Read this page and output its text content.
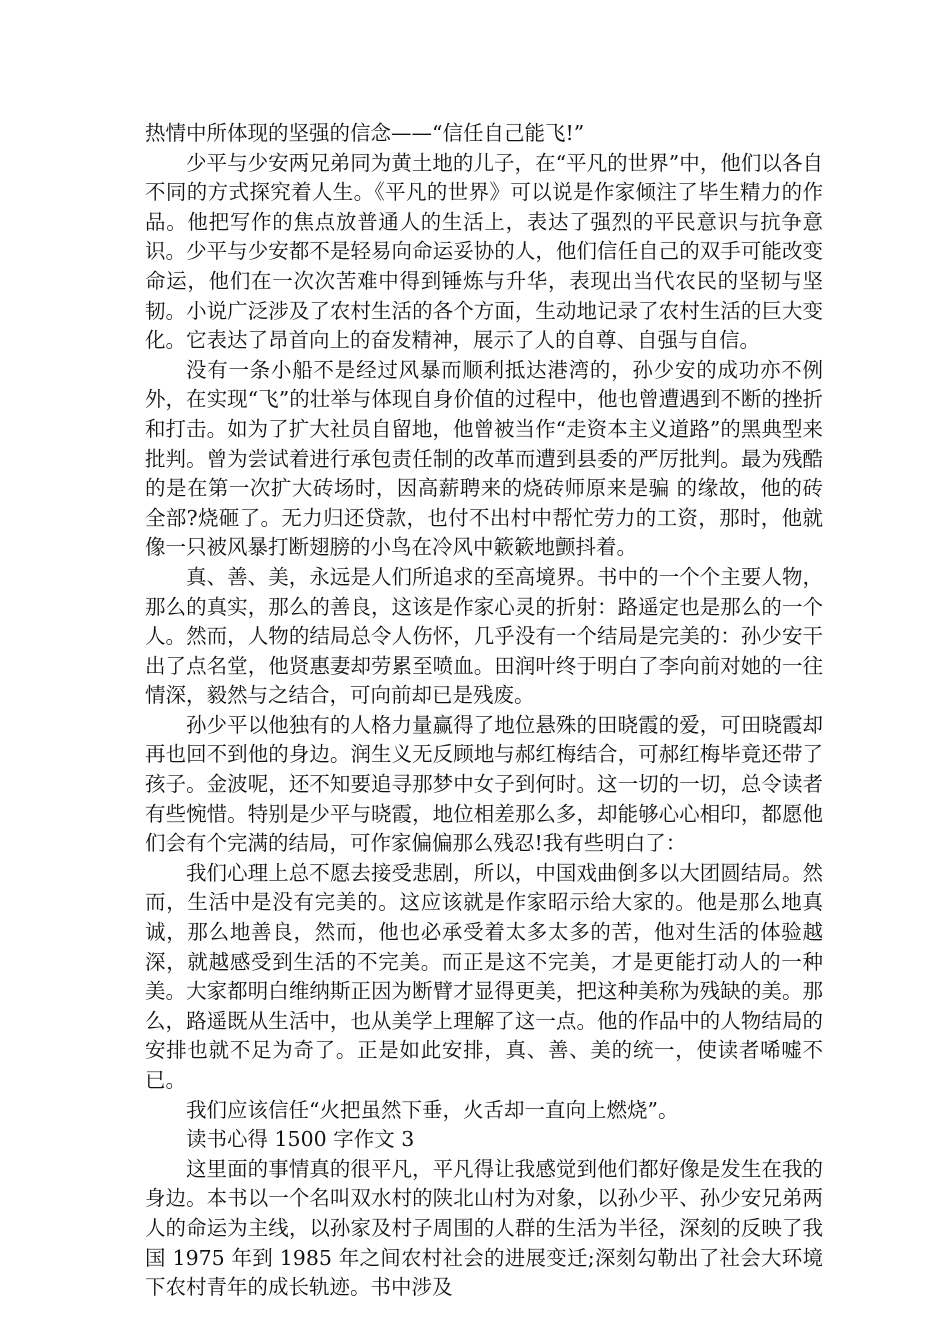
热情中所体现的坚强的信念——“信任自己能飞!”

少平与少安两兄弟同为黄土地的儿子，在“平凡的世界”中，他们以各自不同的方式探究着人生。《平凡的世界》可以说是作家倾注了毕生精力的作品。他把写作的焦点放普通人的生活上，表达了强烈的平民意识与抗争意识。少平与少安都不是轻易向命运妥协的人，他们信任自己的双手可能改变命运，他们在一次次苦难中得到锤炼与升华，表现出当代农民的坚韧与坚韧。小说广泛涉及了农村生活的各个方面，生动地记录了农村生活的巨大变化。它表达了昂首向上的奋发精神，展示了人的自尊、自强与自信。

没有一条小船不是经过风暴而顺利抵达港湾的，孙少安的成功亦不例外，在实现“飞”的壮举与体现自身价值的过程中，他也曾遭遇到不断的挫折和打击。如为了扩大社员自留地，他曾被当作“走资本主义道路”的黑典型来批判。曾为尝试着进行承包责任制的改革而遭到县委的严厉批判。最为残酷的是在第一次扩大砖场时，因高薪聘来的烧砖师原来是骗 的缘故，他的砖全部?烧砸了。无力归还贷款，也付不出村中帮忙劳力的工资，那时，他就像一只被风暴打断翅膀的小鸟在冷风中簌簌地颤抖着。

真、善、美，永远是人们所追求的至高境界。书中的一个个主要人物，那么的真实，那么的善良，这该是作家心灵的折射：路遥定也是那么的一个人。然而，人物的结局总令人伤怀，几乎没有一个结局是完美的：孙少安干出了点名堂，他贤惠妻却劳累至喷血。田润叶终于明白了李向前对她的一往情深，毅然与之结合，可向前却已是残废。

孙少平以他独有的人格力量赢得了地位悬殊的田晓霞的爱，可田晓霞却再也回不到他的身边。润生义无反顾地与郝红梅结合，可郝红梅毕竟还带了孩子。金波呢，还不知要追寻那梦中女子到何时。这一切的一切，总令读者有些惋惜。特别是少平与晓霞，地位相差那么多，却能够心心相印，都愿他们会有个完满的结局，可作家偏偏那么残忍!我有些明白了：

我们心理上总不愿去接受悲剧，所以，中国戏曲倒多以大团圆结局。然而，生活中是没有完美的。这应该就是作家昭示给大家的。他是那么地真诚，那么地善良，然而，他也必承受着太多太多的苦，他对生活的体验越深，就越感受到生活的不完美。而正是这不完美，才是更能打动人的一种美。大家都明白维纳斯正因为断臂才显得更美，把这种美称为残缺的美。那么，路遥既从生活中，也从美学上理解了这一点。他的作品中的人物结局的安排也就不足为奇了。正是如此安排，真、善、美的统一，使读者唏嘘不已。

我们应该信任“火把虽然下垂，火舌却一直向上燃烧”。

读书心得 1500 字作文 3

这里面的事情真的很平凡，平凡得让我感觉到他们都好像是发生在我的身边。本书以一个名叫双水村的陕北山村为对象，以孙少平、孙少安兄弟两人的命运为主线，以孙家及村子周围的人群的生活为半径，深刻的反映了我国 1975 年到 1985 年之间农村社会的进展变迁;深刻勾勒出了社会大环境下农村青年的成长轨迹。书中涉及
